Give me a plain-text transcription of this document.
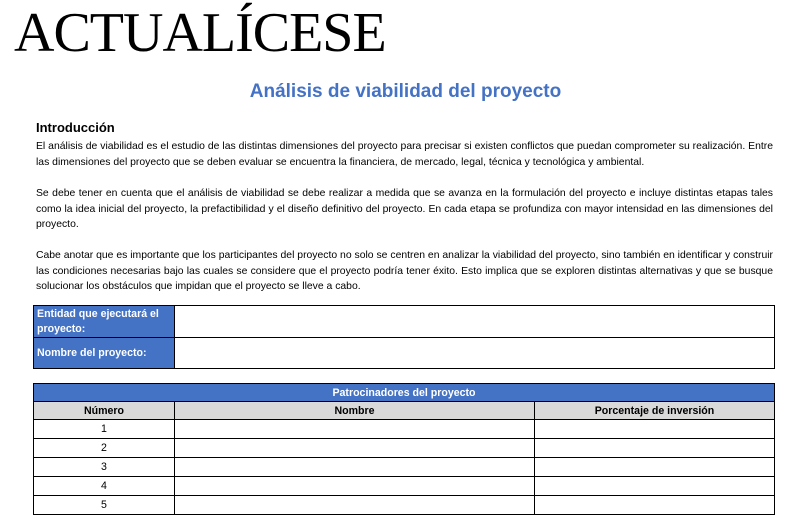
ACTUALÍCESE
Análisis de viabilidad del proyecto
Introducción

El análisis de viabilidad es el estudio de las distintas dimensiones del proyecto para precisar si existen conflictos que puedan comprometer su realización. Entre las dimensiones del proyecto que se deben evaluar se encuentra la financiera, de mercado, legal, técnica y tecnológica y ambiental.

Se debe tener en cuenta que el análisis de viabilidad se debe realizar a medida que se avanza en la formulación del proyecto e incluye distintas etapas tales como la idea inicial del proyecto, la prefactibilidad y el diseño definitivo del proyecto. En cada etapa se profundiza con mayor intensidad en las dimensiones del proyecto.

Cabe anotar que es importante que los participantes del proyecto no solo se centren en analizar la viabilidad del proyecto, sino también en identificar y construir las condiciones necesarias bajo las cuales se considere que el proyecto podría tener éxito. Esto implica que se exploren distintas alternativas y que se busque solucionar los obstáculos que impidan que el proyecto se lleve a cabo.

Entidad que ejecutará el proyecto:	
Nombre del proyecto:	
Patrocinadores del proyecto		
Número	Nombre	Porcentaje de inversión
1		
2		
3		
4		
5		
